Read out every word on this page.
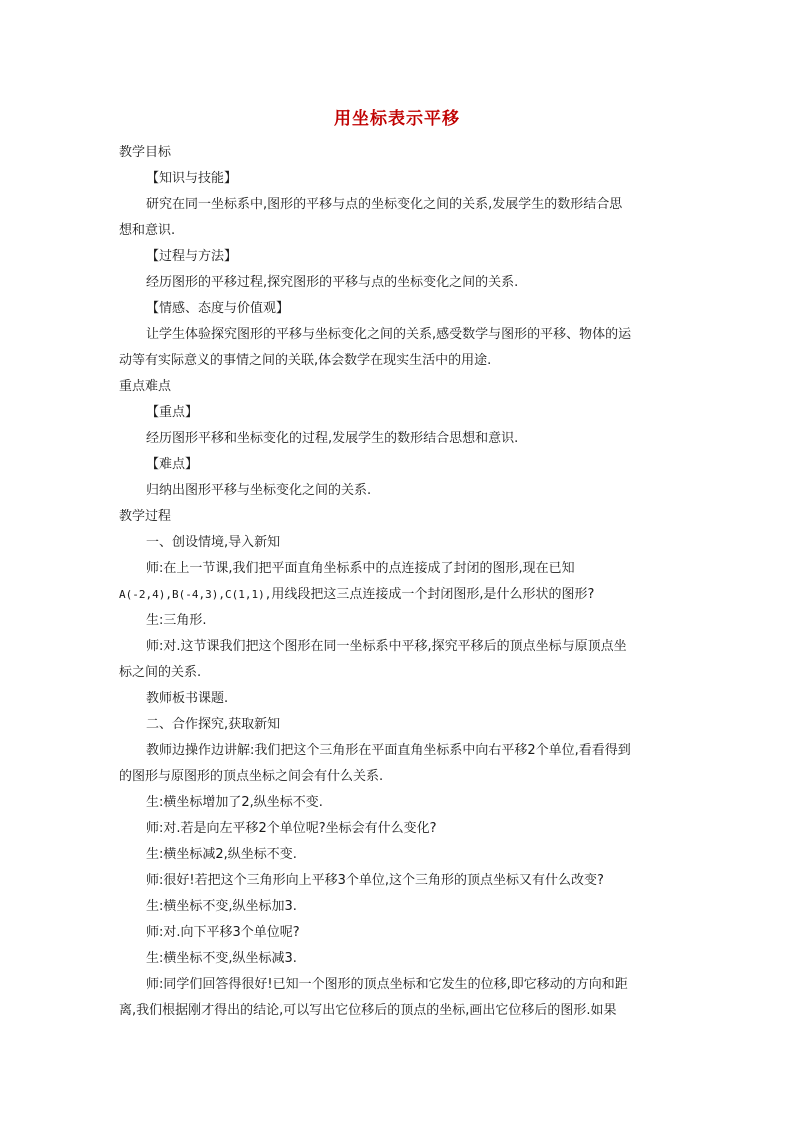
用坐标表示平移

教学目标

【知识与技能】

研究在同一坐标系中,图形的平移与点的坐标变化之间的关系,发展学生的数形结合思

想和意识.

【过程与方法】

经历图形的平移过程,探究图形的平移与点的坐标变化之间的关系.

【情感、态度与价值观】

让学生体验探究图形的平移与坐标变化之间的关系,感受数学与图形的平移、物体的运

动等有实际意义的事情之间的关联,体会数学在现实生活中的用途.

重点难点

【重点】

经历图形平移和坐标变化的过程,发展学生的数形结合思想和意识.

【难点】

归纳出图形平移与坐标变化之间的关系.

教学过程

一、创设情境,导入新知

师:在上一节课,我们把平面直角坐标系中的点连接成了封闭的图形,现在已知

A(-2,4),B(-4,3),C(1,1),用线段把这三点连接成一个封闭图形,是什么形状的图形?

生:三角形.

师:对.这节课我们把这个图形在同一坐标系中平移,探究平移后的顶点坐标与原顶点坐

标之间的关系.

教师板书课题.

二、合作探究,获取新知

教师边操作边讲解:我们把这个三角形在平面直角坐标系中向右平移2个单位,看看得到

的图形与原图形的顶点坐标之间会有什么关系.

生:横坐标增加了2,纵坐标不变.

师:对.若是向左平移2个单位呢?坐标会有什么变化?

生:横坐标减2,纵坐标不变.

师:很好!若把这个三角形向上平移3个单位,这个三角形的顶点坐标又有什么改变?

生:横坐标不变,纵坐标加3.

师:对.向下平移3个单位呢?

生:横坐标不变,纵坐标减3.

师:同学们回答得很好!已知一个图形的顶点坐标和它发生的位移,即它移动的方向和距

离,我们根据刚才得出的结论,可以写出它位移后的顶点的坐标,画出它位移后的图形.如果
